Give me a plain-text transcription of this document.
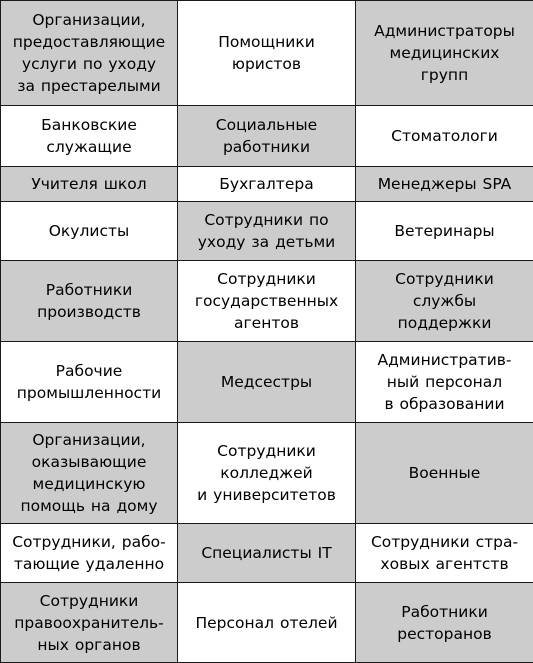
Организации,
предоставляющие
услуги по уходу
за престарелыми	Помощники
юристов	Администраторы
медицинских
групп

Банковские
служащие	Социальные
работники	Стоматологи

Учителя школ	Бухгалтера	Менеджеры SPA

Окулисты	Сотрудники по
уходу за детьми	Ветеринары

Работники
производств	Сотрудники
государственных
агентов	Сотрудники
службы
поддержки

Рабочие
промышленности	Медсестры	Административ-
ный персонал
в образовании

Организации,
оказывающие
медицинскую
помощь на дому	Сотрудники
колледжей
и университетов	Военные

Сотрудники, рабо-
тающие удаленно	Специалисты IT	Сотрудники стра-
ховых агентств

Сотрудники
правоохранитель-
ных органов	Персонал отелей	Работники
ресторанов
